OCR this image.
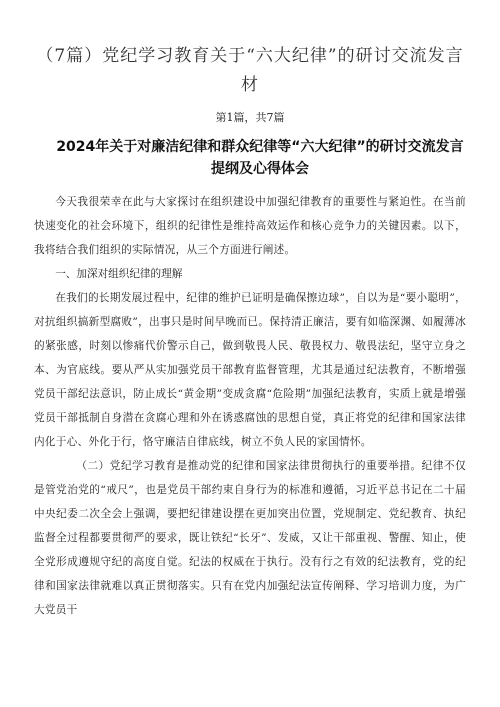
（7篇）党纪学习教育关于“六大纪律”的研讨交流发言材
第1篇，共7篇
2024年关于对廉洁纪律和群众纪律等“六大纪律”的研讨交流发言提纲及心得体会

今天我很荣幸在此与大家探讨在组织建设中加强纪律教育的重要性与紧迫性。在当前快速变化的社会环境下，组织的纪律性是维持高效运作和核心竞争力的关键因素。以下，我将结合我们组织的实际情况，从三个方面进行阐述。

一、加深对组织纪律的理解

在我们的长期发展过程中，纪律的维护已证明是确保擦边球”，自以为是“要小聪明”，对抗组织搞新型腐败”，出事只是时间早晚而已。保持清正廉洁，要有如临深渊、如履薄冰的紧张感，时刻以惨痛代价警示自己，做到敬畏人民、敬畏权力、敬畏法纪，坚守立身之本、为官底线。要从严从实加强党员干部教育监督管理，尤其是通过纪法教育，不断增强党员干部纪法意识，防止成长“黄金期”变成贪腐“危险期”加强纪法教育，实质上就是增强党员干部抵制自身潜在贪腐心理和外在诱惑腐蚀的思想自觉，真正将党的纪律和国家法律内化于心、外化于行，恪守廉洁自律底线，树立不负人民的家国情怀。

（二）党纪学习教育是推动党的纪律和国家法律贯彻执行的重要举措。纪律不仅是管党治党的“戒尺”，也是党员干部约束自身行为的标准和遵循，习近平总书记在二十届中央纪委二次全会上强调，要把纪律建设摆在更加突出位置，党规制定、党纪教育、执纪监督全过程都要贯彻严的要求，既让铁纪“长牙”、发威，又让干部重视、警醒、知止，使全党形成遵规守纪的高度自觉。纪法的权威在于执行。没有行之有效的纪法教育，党的纪律和国家法律就难以真正贯彻落实。只有在党内加强纪法宣传阐释、学习培训力度，为广大党员干
